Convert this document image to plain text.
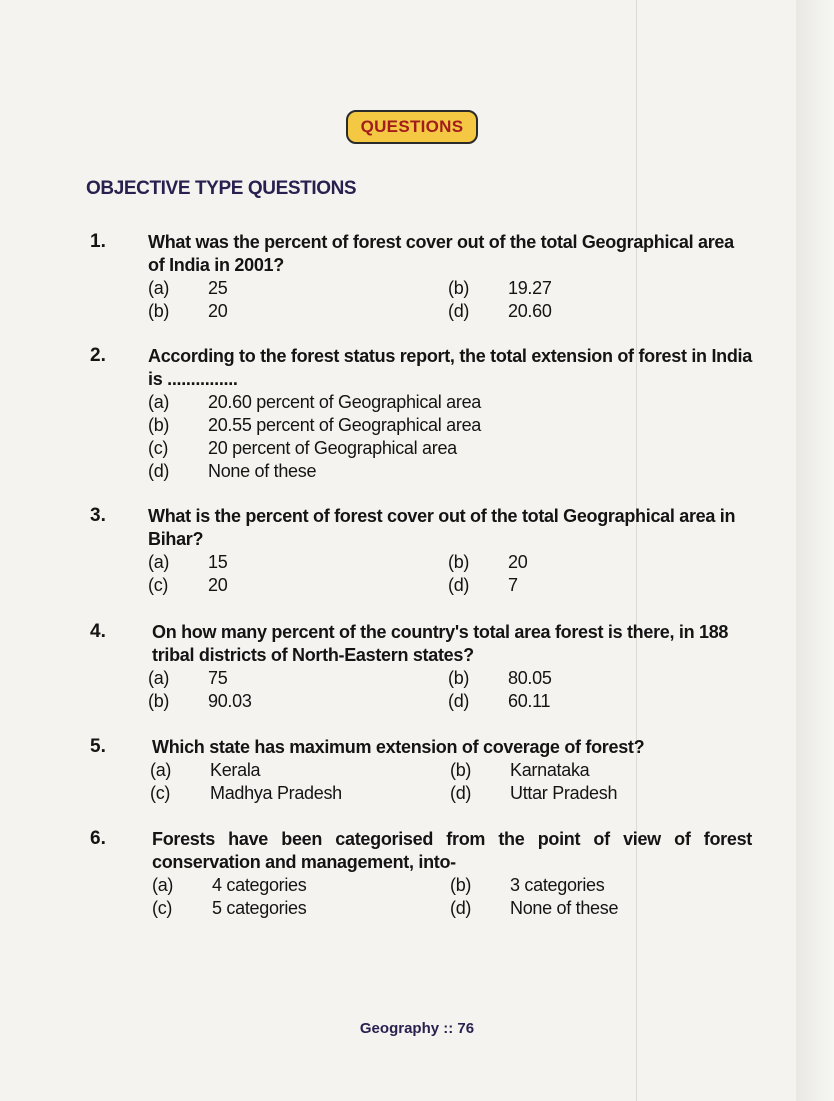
QUESTIONS
OBJECTIVE TYPE QUESTIONS
1. What was the percent of forest cover out of the total Geographical area of India in 2001?
(a) 25	(b) 19.27
(b) 20	(d) 20.60
2. According to the forest status report, the total extension of forest in India is ...............
(a) 20.60 percent of Geographical area
(b) 20.55 percent of Geographical area
(c) 20 percent of Geographical area
(d) None of these
3. What is the percent of forest cover out of the total Geographical area in Bihar?
(a) 15	(b) 20
(c) 20	(d) 7
4.	On how many percent of the country's total area forest is there, in 188 tribal districts of North-Eastern states?
(a) 75	(b) 80.05
(b) 90.03	(d) 60.11
5.	Which state has maximum extension of coverage of forest?
(a) Kerala	(b) Karnataka
(c) Madhya Pradesh	(d) Uttar Pradesh
6.	Forests have been categorised from the point of view of forest conservation and management, into-
(a) 4 categories	(b) 3 categories
(c) 5 categories	(d) None of these
Geography :: 76
